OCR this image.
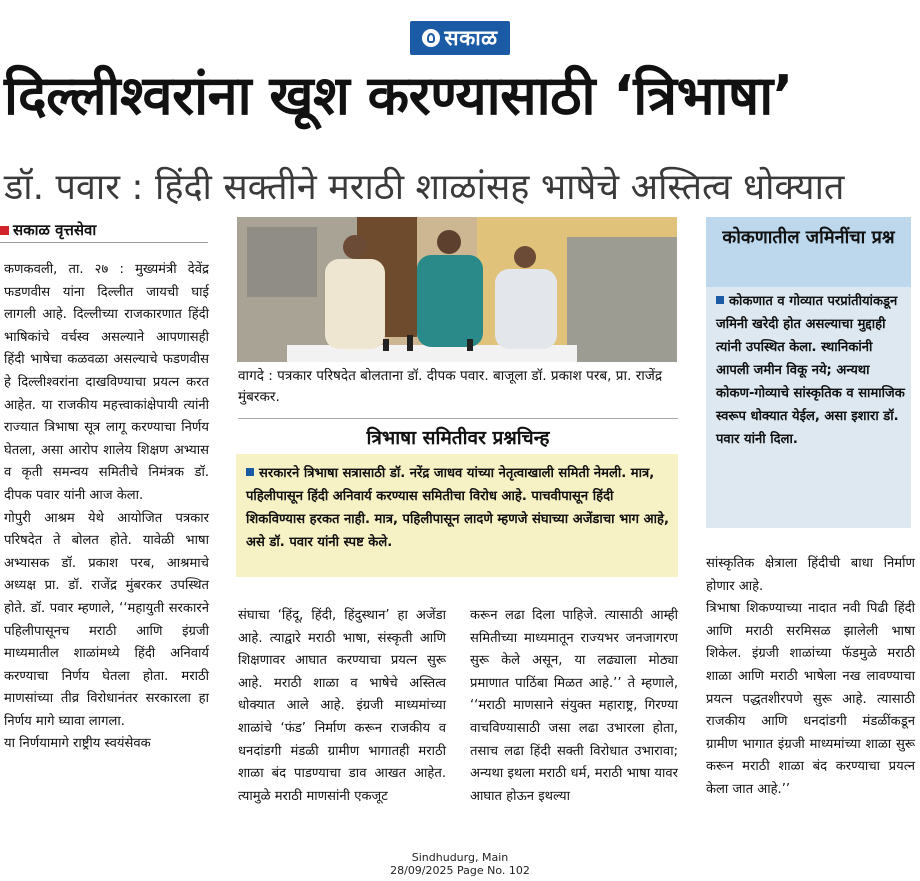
सकाळ
दिल्लीश्वरांना खूश करण्यासाठी ‘त्रिभाषा’
डॉ. पवार : हिंदी सक्तीने मराठी शाळांसह भाषेचे अस्तित्व धोक्यात
सकाळ वृत्तसेवा
कणकवली, ता. २७ : मुख्यमंत्री देवेंद्र फडणवीस यांना दिल्लीत जायची घाई लागली आहे. दिल्लीच्या राजकारणात हिंदी भाषिकांचे वर्चस्व असल्याने आपणासही हिंदी भाषेचा कळवळा असल्याचे फडणवीस हे दिल्लीश्वरांना दाखविण्याचा प्रयत्न करत आहेत. या राजकीय महत्त्वाकांक्षेपायी त्यांनी राज्यात त्रिभाषा सूत्र लागू करण्याचा निर्णय घेतला, असा आरोप शालेय शिक्षण अभ्यास व कृती समन्वय समितीचे निमंत्रक डॉ. दीपक पवार यांनी आज केला.
गोपुरी आश्रम येथे आयोजित पत्रकार परिषदेत ते बोलत होते. यावेळी भाषा अभ्यासक डॉ. प्रकाश परब, आश्रमाचे अध्यक्ष प्रा. डॉ. राजेंद्र मुंबरकर उपस्थित होते. डॉ. पवार म्हणाले, ‘‘महायुती सरकारने पहिलीपासूनच मराठी आणि इंग्रजी माध्यमातील शाळांमध्ये हिंदी अनिवार्य करण्याचा निर्णय घेतला होता. मराठी माणसांच्या तीव्र विरोधानंतर सरकारला हा निर्णय मागे घ्यावा लागला.
या निर्णयामागे राष्ट्रीय स्वयंसेवक
वागदे : पत्रकार परिषदेत बोलताना डॉ. दीपक पवार. बाजूला डॉ. प्रकाश परब, प्रा. राजेंद्र मुंबरकर.
त्रिभाषा समितीवर प्रश्नचिन्ह
सरकारने त्रिभाषा सत्रासाठी डॉ. नरेंद्र जाधव यांच्या नेतृत्वाखाली समिती नेमली. मात्र, पहिलीपासून हिंदी अनिवार्य करण्यास समितीचा विरोध आहे. पाचवीपासून हिंदी शिकविण्यास हरकत नाही. मात्र, पहिलीपासून लादणे म्हणजे संघाच्या अजेंडाचा भाग आहे, असे डॉ. पवार यांनी स्पष्ट केले.
कोकणातील जमिनींचा प्रश्न
कोकणात व गोव्यात परप्रांतीयांकडून जमिनी खरेदी होत असल्याचा मुद्दाही त्यांनी उपस्थित केला. स्थानिकांनी आपली जमीन विकू नये; अन्यथा कोकण-गोव्याचे सांस्कृतिक व सामाजिक स्वरूप धोक्यात येईल, असा इशारा डॉ. पवार यांनी दिला.
संघाचा ‘हिंदू, हिंदी, हिंदुस्थान’ हा अजेंडा आहे. त्याद्वारे मराठी भाषा, संस्कृती आणि शिक्षणावर आघात करण्याचा प्रयत्न सुरू आहे. मराठी शाळा व भाषेचे अस्तित्व धोक्यात आले आहे. इंग्रजी माध्यमांच्या शाळांचे ‘फंड’ निर्माण करून राजकीय व धनदांडगी मंडळी ग्रामीण भागातही मराठी शाळा बंद पाडण्याचा डाव आखत आहेत. त्यामुळे मराठी माणसांनी एकजूट
करून लढा दिला पाहिजे. त्यासाठी आम्ही समितीच्या माध्यमातून राज्यभर जनजागरण सुरू केले असून, या लढ्याला मोठ्या प्रमाणात पाठिंबा मिळत आहे.’’ ते म्हणाले, ‘‘मराठी माणसाने संयुक्त महाराष्ट्र, गिरण्या वाचविण्यासाठी जसा लढा उभारला होता, तसाच लढा हिंदी सक्ती विरोधात उभारावा; अन्यथा इथला मराठी धर्म, मराठी भाषा यावर आघात होऊन इथल्या
सांस्कृतिक क्षेत्राला हिंदीची बाधा निर्माण होणार आहे.
त्रिभाषा शिकण्याच्या नादात नवी पिढी हिंदी आणि मराठी सरमिसळ झालेली भाषा शिकेल. इंग्रजी शाळांच्या फॅडमुळे मराठी शाळा आणि मराठी भाषेला नख लावण्याचा प्रयत्न पद्धतशीरपणे सुरू आहे. त्यासाठी राजकीय आणि धनदांडगी मंडळींकडून ग्रामीण भागात इंग्रजी माध्यमांच्या शाळा सुरू करून मराठी शाळा बंद करण्याचा प्रयत्न केला जात आहे.’’
Sindhudurg, Main
28/09/2025 Page No. 102
